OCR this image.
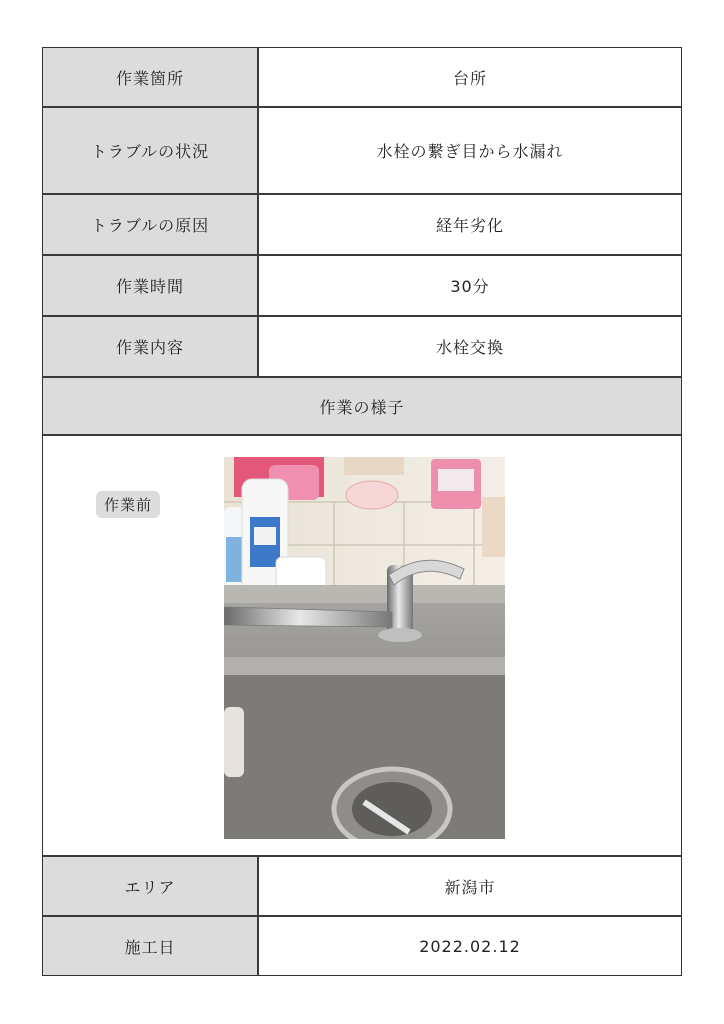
作業箇所	台所
トラブルの状況	水栓の繋ぎ目から水漏れ
トラブルの原因	経年劣化
作業時間	30分
作業内容	水栓交換
作業の様子
作業前
エリア	新潟市
施工日	2022.02.12
